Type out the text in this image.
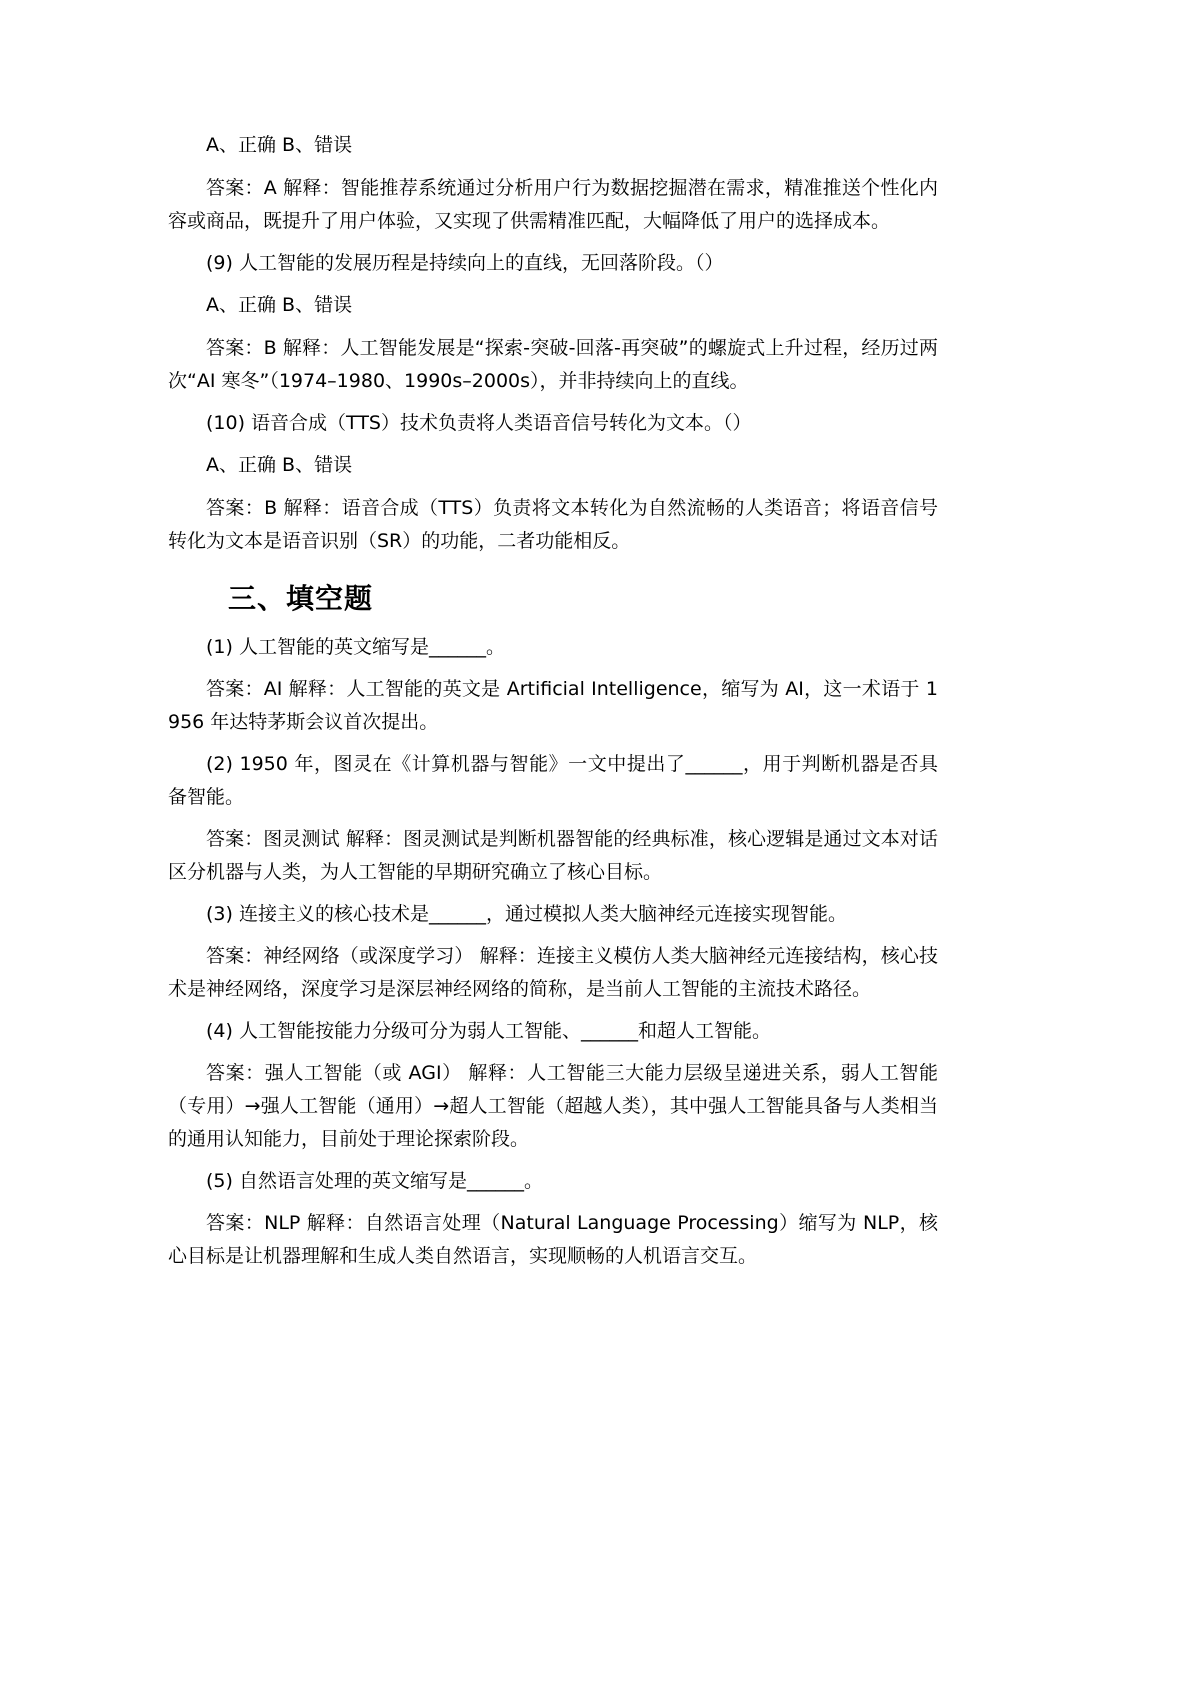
A、正确 B、错误

答案：A 解释：智能推荐系统通过分析用户行为数据挖掘潜在需求，精准推送个性化内容或商品，既提升了用户体验，又实现了供需精准匹配，大幅降低了用户的选择成本。

(9) 人工智能的发展历程是持续向上的直线，无回落阶段。（）

A、正确 B、错误

答案：B 解释：人工智能发展是“探索-突破-回落-再突破”的螺旋式上升过程，经历过两次“AI 寒冬”（1974–1980、1990s–2000s），并非持续向上的直线。

(10) 语音合成（TTS）技术负责将人类语音信号转化为文本。（）

A、正确 B、错误

答案：B 解释：语音合成（TTS）负责将文本转化为自然流畅的人类语音；将语音信号转化为文本是语音识别（SR）的功能，二者功能相反。

三、填空题

(1) 人工智能的英文缩写是______。

答案：AI 解释：人工智能的英文是 Artificial Intelligence，缩写为 AI，这一术语于 1956 年达特茅斯会议首次提出。

(2) 1950 年，图灵在《计算机器与智能》一文中提出了______，用于判断机器是否具备智能。

答案：图灵测试 解释：图灵测试是判断机器智能的经典标准，核心逻辑是通过文本对话区分机器与人类，为人工智能的早期研究确立了核心目标。

(3) 连接主义的核心技术是______，通过模拟人类大脑神经元连接实现智能。

答案：神经网络（或深度学习） 解释：连接主义模仿人类大脑神经元连接结构，核心技术是神经网络，深度学习是深层神经网络的简称，是当前人工智能的主流技术路径。

(4) 人工智能按能力分级可分为弱人工智能、______和超人工智能。

答案：强人工智能（或 AGI） 解释：人工智能三大能力层级呈递进关系，弱人工智能（专用）→强人工智能（通用）→超人工智能（超越人类），其中强人工智能具备与人类相当的通用认知能力，目前处于理论探索阶段。

(5) 自然语言处理的英文缩写是______。

答案：NLP 解释：自然语言处理（Natural Language Processing）缩写为 NLP，核心目标是让机器理解和生成人类自然语言，实现顺畅的人机语言交互。
